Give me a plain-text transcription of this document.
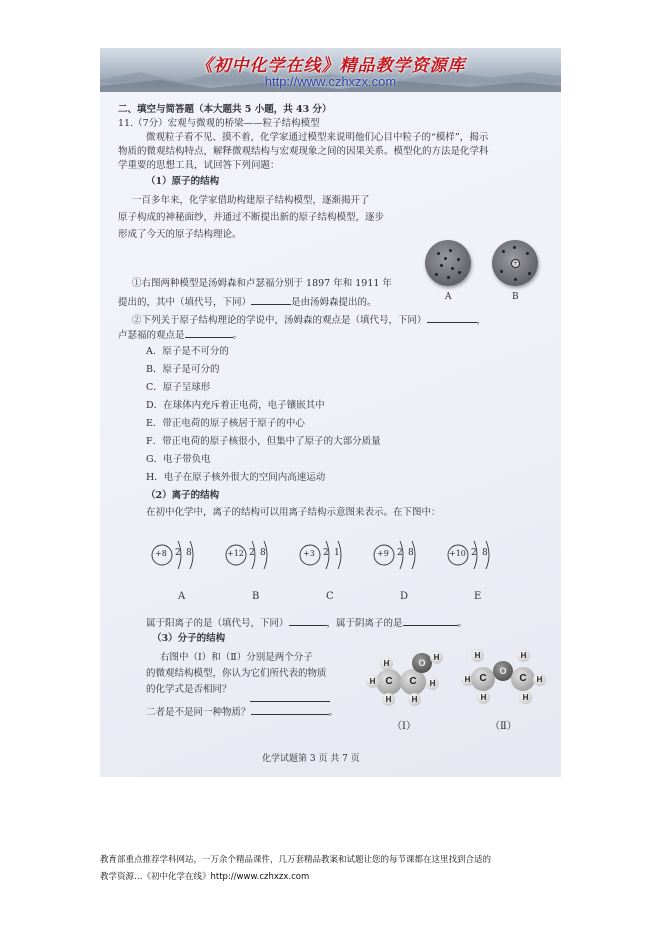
《初中化学在线》精品教学资源库
http://www.czhxzx.com
二、填空与简答题（本大题共 5 小题，共 43 分）
11.（7分）宏观与微观的桥梁——粒子结构模型
微观粒子看不见、摸不着，化学家通过模型来说明他们心目中粒子的“模样”，揭示
物质的微观结构特点，解释微观结构与宏观现象之间的因果关系。模型化的方法是化学科
学重要的思想工具，试回答下列问题：
（1）原子的结构
一百多年来，化学家借助构建原子结构模型，逐渐揭开了
原子构成的神秘面纱，并通过不断提出新的原子结构模型，逐步
形成了今天的原子结构理论。
+
A	B
①右图两种模型是汤姆森和卢瑟福分别于 1897 年和 1911 年
提出的，其中（填代号，下同）	是由汤姆森提出的。
②下列关于原子结构理论的学说中，汤姆森的观点是（填代号，下同）	，
卢瑟福的观点是	。
A．原子是不可分的
B．原子是可分的
C．原子呈球形
D．在球体内充斥着正电荷，电子镶嵌其中
E．带正电荷的原子核居于原子的中心
F．带正电荷的原子核很小，但集中了原子的大部分质量
G．电子带负电
H．电子在原子核外很大的空间内高速运动
（2）离子的结构
在初中化学中，离子的结构可以用离子结构示意图来表示。在下图中：
+8 2 8
A
+12 2 8
B
+3 2 1
C
+9 2 8
D
+10 2 8
E
属于阳离子的是（填代号，下同）	，属于阴离子的是	。
（3）分子的结构
右图中（Ⅰ）和（Ⅱ）分别是两个分子
的微观结构模型，你认为它们所代表的物质
的化学式是否相同？
二者是不是同一种物质？	。
C	C
O
H
H
H	H
H
H
（Ⅰ）
H C
O
C	H
H
H
H
H
（Ⅱ）
化学试题第 3 页 共 7 页
教育部重点推荐学科网站，一万余个精品课件，几万套精品教案和试题让您的每节课都在这里找到合适的
教学资源…《初中化学在线》http://www.czhxzx.com
